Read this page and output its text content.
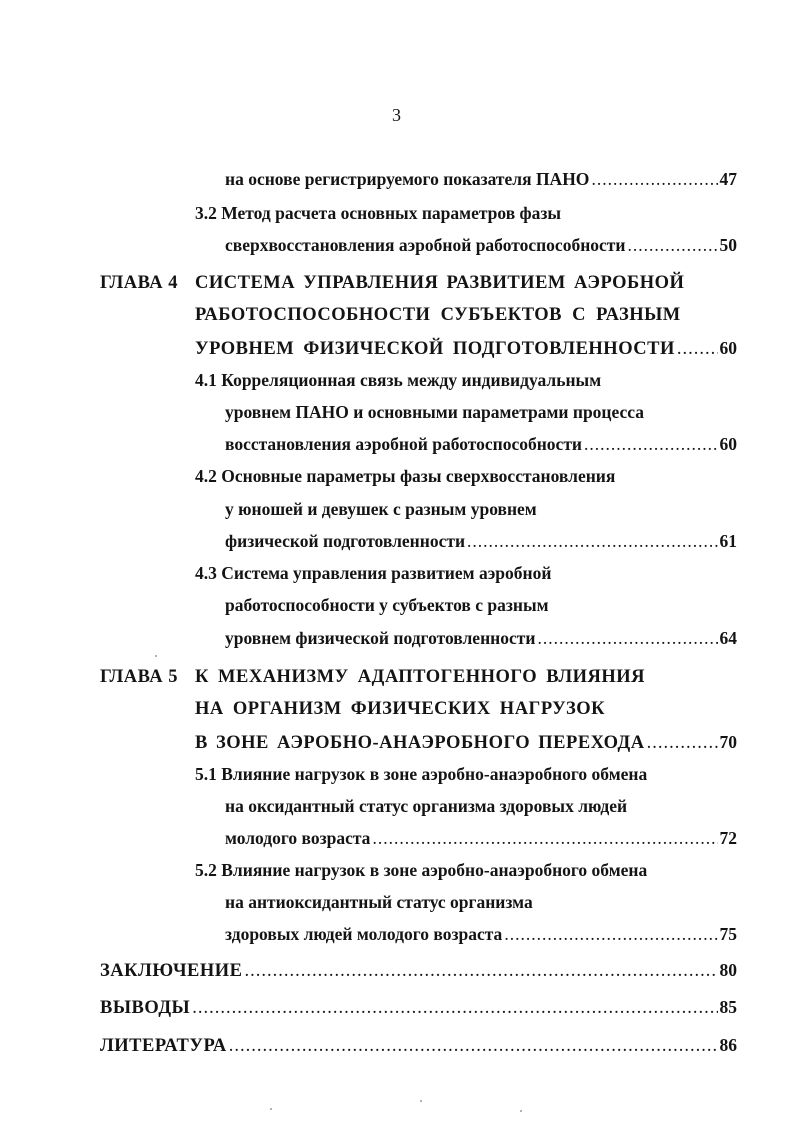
3
на основе регистрируемого показателя ПАНО .....	47
3.2 Метод расчета основных параметров фазы
сверхвосстановления аэробной работоспособности .....	50
ГЛАВА 4 СИСТЕМА УПРАВЛЕНИЯ РАЗВИТИЕМ АЭРОБНОЙ
РАБОТОСПОСОБНОСТИ СУБЪЕКТОВ С РАЗНЫМ
УРОВНЕМ ФИЗИЧЕСКОЙ ПОДГОТОВЛЕННОСТИ .....	60
4.1 Корреляционная связь между индивидуальным
уровнем ПАНО и основными параметрами процесса
восстановления аэробной работоспособности .....	60
4.2 Основные параметры фазы сверхвосстановления
у юношей и девушек с разным уровнем
физической подготовленности .....	61
4.3 Система управления развитием аэробной
работоспособности у субъектов с разным
уровнем физической подготовленности .....	64
ГЛАВА 5 К МЕХАНИЗМУ АДАПТОГЕННОГО ВЛИЯНИЯ
НА ОРГАНИЗМ ФИЗИЧЕСКИХ НАГРУЗОК
В ЗОНЕ АЭРОБНО-АНАЭРОБНОГО ПЕРЕХОДА .....	70
5.1 Влияние нагрузок в зоне аэробно-анаэробного обмена
на оксидантный статус организма здоровых людей
молодого возраста .....	72
5.2 Влияние нагрузок в зоне аэробно-анаэробного обмена
на антиоксидантный статус организма
здоровых людей молодого возраста .....	75
ЗАКЛЮЧЕНИЕ .....	80
ВЫВОДЫ .....	85
ЛИТЕРАТУРА .....	86
